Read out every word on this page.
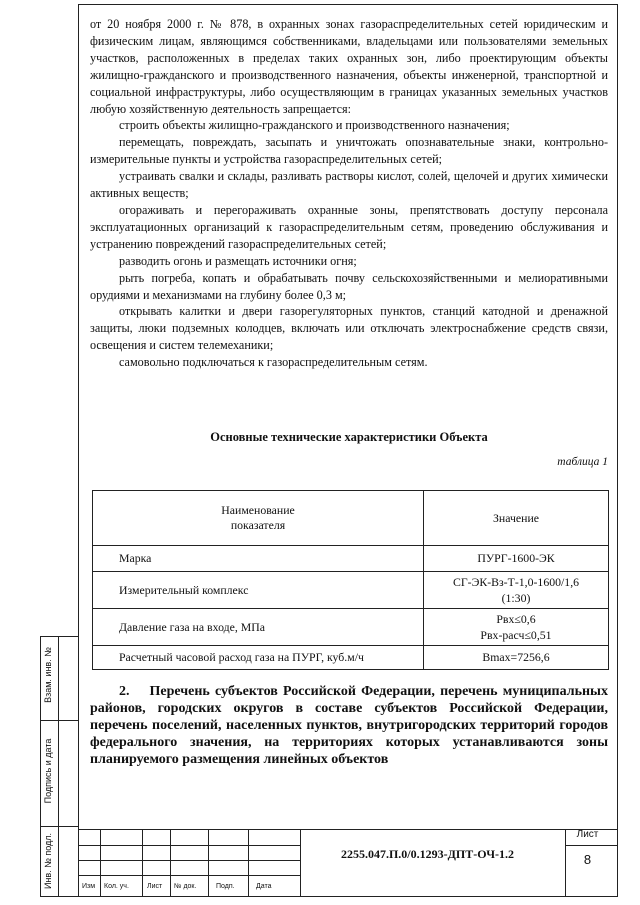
от 20 ноября 2000 г. № 878, в охранных зонах газораспределительных сетей юридическим и физическим лицам, являющимся собственниками, владельцами или пользователями земельных участков, расположенных в пределах таких охранных зон, либо проектирующим объекты жилищно-гражданского и производственного назначения, объекты инженерной, транспортной и социальной инфраструктуры, либо осуществляющим в границах указанных земельных участков любую хозяйственную деятельность запрещается:

строить объекты жилищно-гражданского и производственного назначения;

перемещать, повреждать, засыпать и уничтожать опознавательные знаки, контрольно-измерительные пункты и устройства газораспределительных сетей;

устраивать свалки и склады, разливать растворы кислот, солей, щелочей и других химически активных веществ;

огораживать и перегораживать охранные зоны, препятствовать доступу персонала эксплуатационных организаций к газораспределительным сетям, проведению обслуживания и устранению повреждений газораспределительных сетей;

разводить огонь и размещать источники огня;

рыть погреба, копать и обрабатывать почву сельскохозяйственными и мелиоративными орудиями и механизмами на глубину более 0,3 м;

открывать калитки и двери газорегуляторных пунктов, станций катодной и дренажной защиты, люки подземных колодцев, включать или отключать электроснабжение средств связи, освещения и систем телемеханики;

самовольно подключаться к газораспределительным сетям.

Основные технические характеристики Объекта
таблица 1
Наименование
показателя	Значение
Марка	ПУРГ-1600-ЭК
Измерительный комплекс	СГ-ЭК-Вз-Т-1,0-1600/1,6
(1:30)

Давление газа на входе, МПа	Pвх≤0,6
Pвх-расч≤0,51

Расчетный часовой расход газа на ПУРГ, куб.м/ч	Bmax=7256,6
2. Перечень субъектов Российской Федерации, перечень муниципальных районов, городских округов в составе субъектов Российской Федерации, перечень поселений, населенных пунктов, внутригородских территорий городов федерального значения, на территориях которых устанавливаются зоны планируемого размещения линейных объектов
Взам. инв. №
Подпись и дата
Инв. № подл.	Изм Кол. уч.	Лист № док.	Подп.	Дата
2255.047.П.0/0.1293-ДПТ-ОЧ-1.2
Лист
8
